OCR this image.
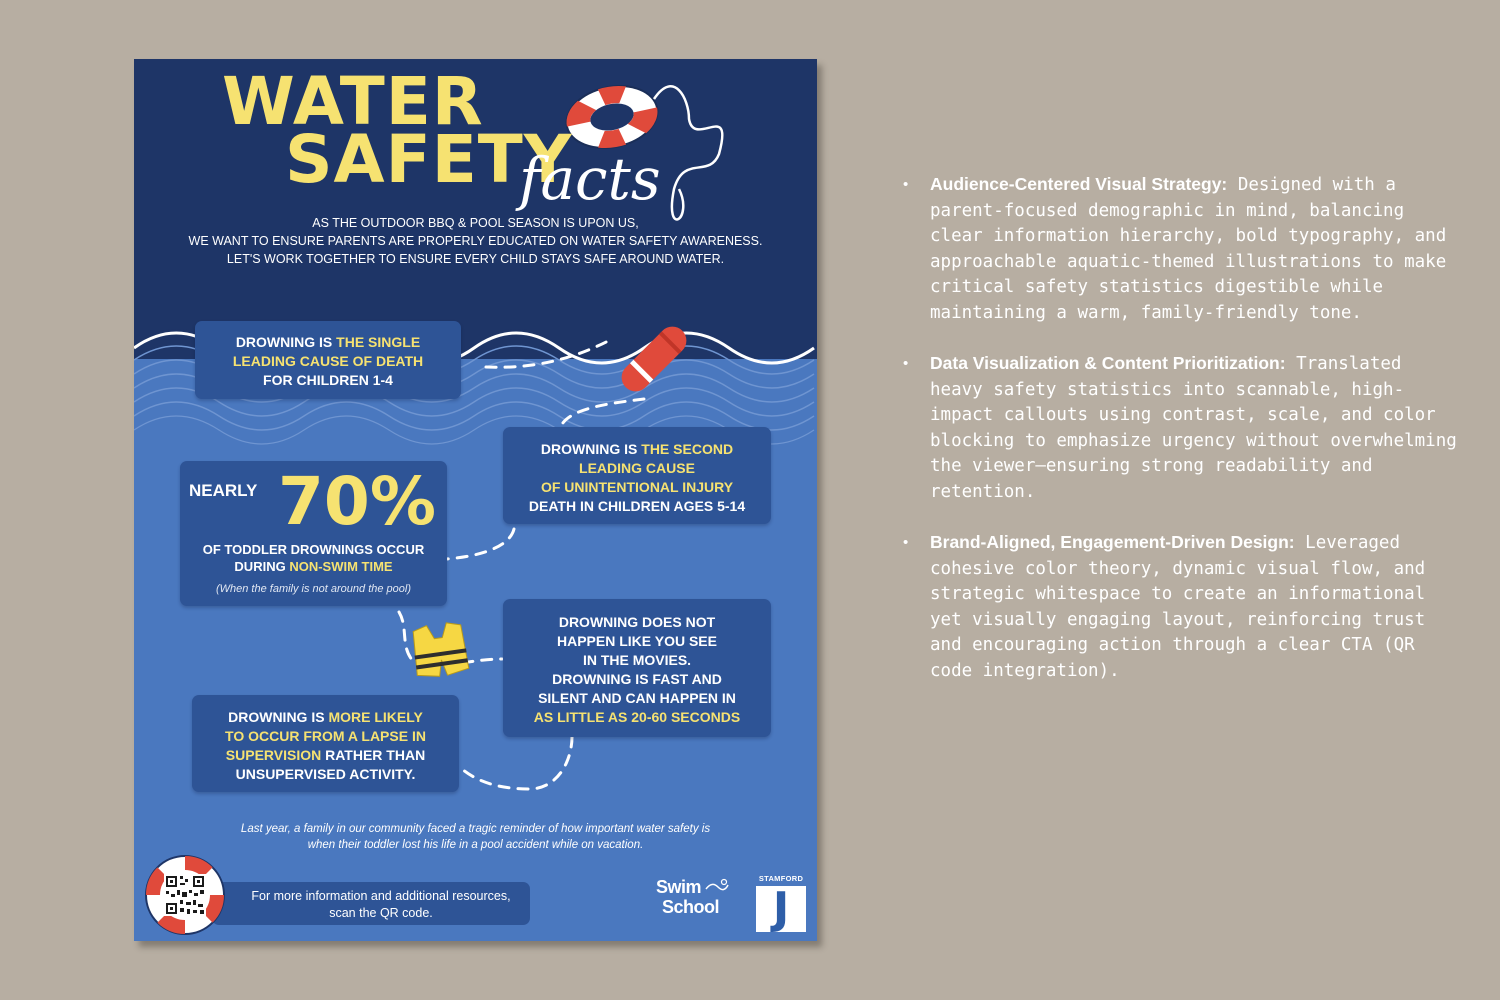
WATER
SAFETY
facts
AS THE OUTDOOR BBQ & POOL SEASON IS UPON US,
WE WANT TO ENSURE PARENTS ARE PROPERLY EDUCATED ON WATER SAFETY AWARENESS.
LET'S WORK TOGETHER TO ENSURE EVERY CHILD STAYS SAFE AROUND WATER.
DROWNING IS THE SINGLE
LEADING CAUSE OF DEATH
FOR CHILDREN 1-4
DROWNING IS THE SECOND
LEADING CAUSE
OF UNINTENTIONAL INJURY
DEATH IN CHILDREN AGES 5-14
NEARLY 70%
OF TODDLER DROWNINGS OCCUR
DURING NON-SWIM TIME
(When the family is not around the pool)
DROWNING DOES NOT
HAPPEN LIKE YOU SEE
IN THE MOVIES.
DROWNING IS FAST AND
SILENT AND CAN HAPPEN IN
AS LITTLE AS 20-60 SECONDS
DROWNING IS MORE LIKELY
TO OCCUR FROM A LAPSE IN
SUPERVISION RATHER THAN
UNSUPERVISED ACTIVITY.
Last year, a family in our community faced a tragic reminder of how important water safety is
when their toddler lost his life in a pool accident while on vacation.
For more information and additional resources,
scan the QR code.
Swim
School
STAMFORD
J
• Audience-Centered Visual Strategy: Designed with a parent-focused demographic in mind, balancing clear information hierarchy, bold typography, and approachable aquatic-themed illustrations to make critical safety statistics digestible while maintaining a warm, family-friendly tone.
• Data Visualization & Content Prioritization: Translated heavy safety statistics into scannable, high-impact callouts using contrast, scale, and color blocking to emphasize urgency without overwhelming the viewer—ensuring strong readability and retention.
• Brand-Aligned, Engagement-Driven Design: Leveraged cohesive color theory, dynamic visual flow, and strategic whitespace to create an informational yet visually engaging layout, reinforcing trust and encouraging action through a clear CTA (QR code integration).
